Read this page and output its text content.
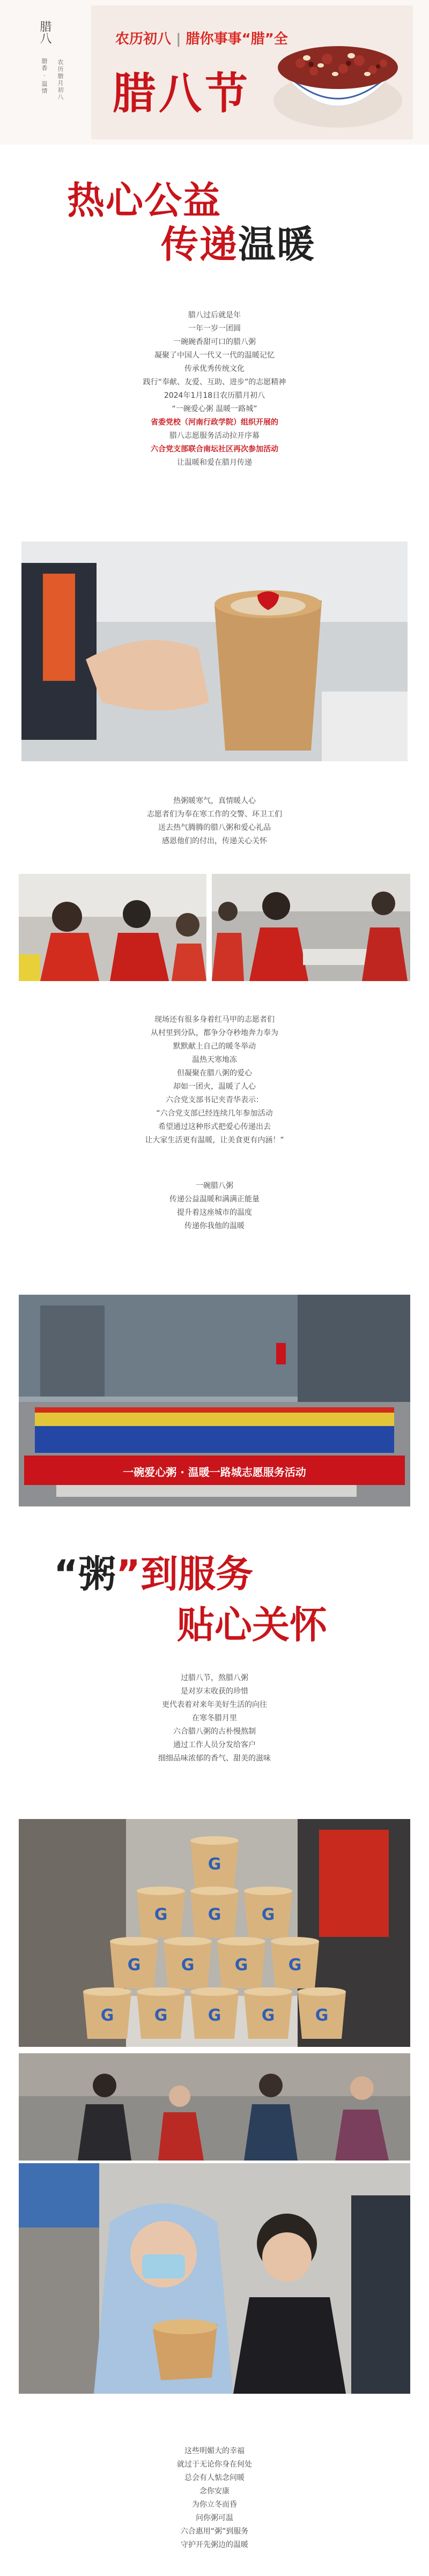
腊八
腊香 · 温情 农历腊月初八
农历初八 | 腊你事事“腊”全
腊八节
热心公益
传递温暖
腊八过后就是年
一年一岁一团圆
一碗碗香甜可口的腊八粥
凝聚了中国人一代又一代的温暖记忆
传承优秀传统文化
践行“奉献、友爱、互助、进步”的志愿精神
2024年1月18日农历腊月初八
“一碗爱心粥 温暖一路城”
省委党校（河南行政学院）组织开展的
腊八志愿服务活动拉开序幕
六合党支部联合南坛社区再次参加活动
让温暖和爱在腊月传递
热粥暖寒气，真情暖人心
志愿者们为奉在寒工作的交警、环卫工们
送去热气腾腾的腊八粥和爱心礼品
感恩他们的付出，传递关心关怀
现场还有很多身着红马甲的志愿者们
从村里到分队，都争分夺秒地奔力奉为
默默献上自己的暖冬举动
温热天寒地冻
但凝聚在腊八粥的爱心
却如一团火，温暖了人心
六合党支部书记夹青华表示：
“六合党支部已经连续几年参加活动
希望通过这种形式把爱心传递出去
让大家生活更有温暖，让美食更有内涵！”
一碗腊八粥
传递公益温暖和满满正能量
提升着这座城市的温度
传递你我他的温暖
一碗爱心粥 · 温暖一路城志愿服务活动
“粥”到服务
贴心关怀
过腊八节，熬腊八粥
是对岁末收获的珍惜
更代表着对来年美好生活的向往
在寒冬腊月里
六合腊八粥的古朴慢熬制
通过工作人员分发给客户
细细品味浓郁的香气、甜美的滋味
G
G	G	G
G	G	G	G
G	G	G	G	G
这些明媚大的幸福
就过于无论你身在何处
总会有人惦念问暖
念你安康
为你立冬而昏
问你粥可温
六合惠用“粥”到服务
守护开先粥边的温暖
